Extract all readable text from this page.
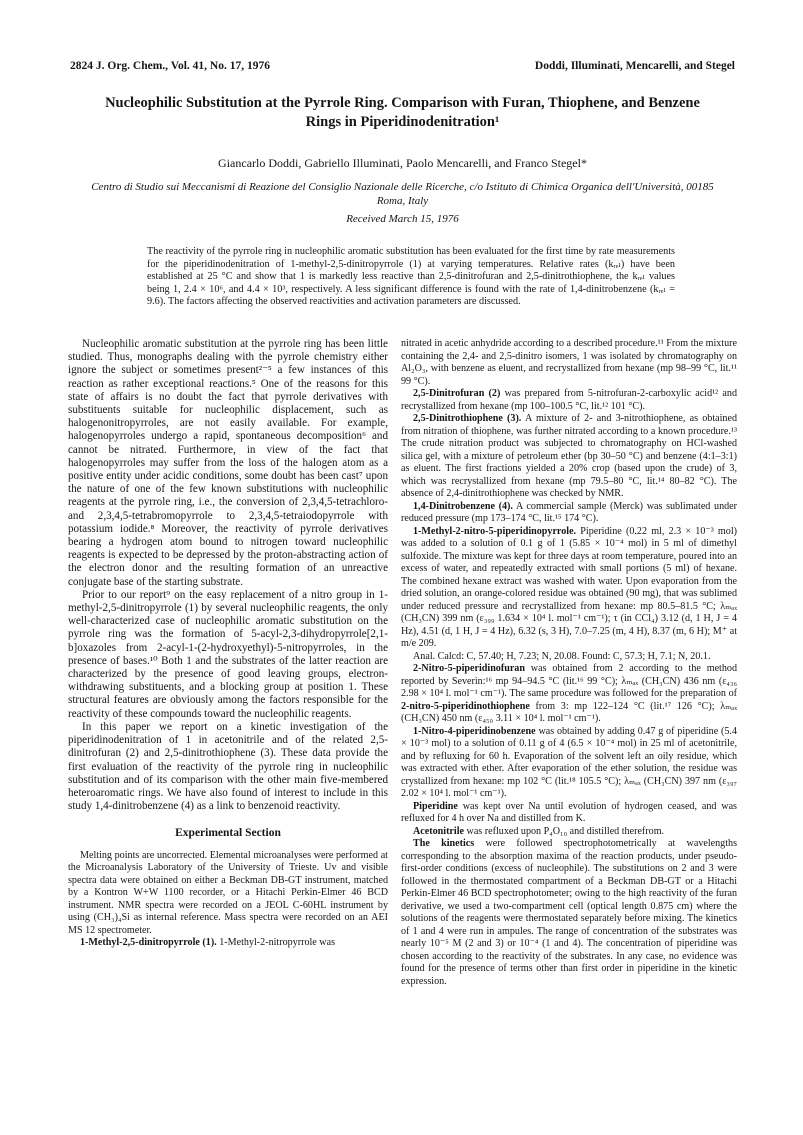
2824 J. Org. Chem., Vol. 41, No. 17, 1976	Doddi, Illuminati, Mencarelli, and Stegel
Nucleophilic Substitution at the Pyrrole Ring. Comparison with Furan, Thiophene, and Benzene Rings in Piperidinodenitration¹
Giancarlo Doddi, Gabriello Illuminati, Paolo Mencarelli, and Franco Stegel*
Centro di Studio sui Meccanismi di Reazione del Consiglio Nazionale delle Ricerche, c/o Istituto di Chimica Organica dell'Università, 00185 Roma, Italy
Received March 15, 1976

The reactivity of the pyrrole ring in nucleophilic aromatic substitution has been evaluated for the first time by rate measurements for the piperidinodenitration of 1-methyl-2,5-dinitropyrrole (1) at varying temperatures. Relative rates (kᵣₑₗ) have been established at 25 °C and show that 1 is markedly less reactive than 2,5-dinitrofuran and 2,5-dinitrothiophene, the kᵣₑₗ values being 1, 2.4 × 10⁶, and 4.4 × 10³, respectively. A less significant difference is found with the rate of 1,4-dinitrobenzene (kᵣₑₗ = 9.6). The factors affecting the observed reactivities and activation parameters are discussed.

Nucleophilic aromatic substitution at the pyrrole ring has been little studied. Thus, monographs dealing with the pyrrole chemistry either ignore the subject or sometimes present²⁻⁵ a few instances of this reaction as rather exceptional reactions.⁵ One of the reasons for this state of affairs is no doubt the fact that pyrrole derivatives with substituents suitable for nucleophilic displacement, such as halogenonitropyrroles, are not easily available. For example, halogenopyrroles undergo a rapid, spontaneous decomposition⁶ and cannot be nitrated. Furthermore, in view of the fact that halogenopyrroles may suffer from the loss of the halogen atom as a positive entity under acidic conditions, some doubt has been cast⁷ upon the nature of one of the few known substitutions with nucleophilic reagents at the pyrrole ring, i.e., the conversion of 2,3,4,5-tetrachloro- and 2,3,4,5-tetrabromopyrrole to 2,3,4,5-tetraiodopyrrole with potassium iodide.⁸ Moreover, the reactivity of pyrrole derivatives bearing a hydrogen atom bound to nitrogen toward nucleophilic reagents is expected to be depressed by the proton-abstracting action of the electron donor and the resulting formation of an unreactive conjugate base of the starting substrate.

Prior to our report⁹ on the easy replacement of a nitro group in 1-methyl-2,5-dinitropyrrole (1) by several nucleophilic reagents, the only well-characterized case of nucleophilic aromatic substitution on the pyrrole ring was the formation of 5-acyl-2,3-dihydropyrrole[2,1-b]oxazoles from 2-acyl-1-(2-hydroxyethyl)-5-nitropyrroles, in the presence of bases.¹⁰ Both 1 and the substrates of the latter reaction are characterized by the presence of good leaving groups, electron-withdrawing substituents, and a blocking group at position 1. These structural features are obviously among the factors responsible for the reactivity of these compounds toward the nucleophilic reagents.

In this paper we report on a kinetic investigation of the piperidinodenitration of 1 in acetonitrile and of the related 2,5-dinitrofuran (2) and 2,5-dinitrothiophene (3). These data provide the first evaluation of the reactivity of the pyrrole ring in nucleophilic substitution and of its comparison with the other main five-membered heteroaromatic rings. We have also found of interest to include in this study 1,4-dinitrobenzene (4) as a link to benzenoid reactivity.

Experimental Section

Melting points are uncorrected. Elemental microanalyses were performed at the Microanalysis Laboratory of the University of Trieste. Uv and visible spectra data were obtained on either a Beckman DB-GT instrument, matched by a Kontron W+W 1100 recorder, or a Hitachi Perkin-Elmer 46 BCD instrument. NMR spectra were recorded on a JEOL C-60HL instrument by using (CH₃)₄Si as internal reference. Mass spectra were recorded on an AEI MS 12 spectrometer.

1-Methyl-2,5-dinitropyrrole (1). 1-Methyl-2-nitropyrrole was

nitrated in acetic anhydride according to a described procedure.¹¹ From the mixture containing the 2,4- and 2,5-dinitro isomers, 1 was isolated by chromatography on Al₂O₃, with benzene as eluent, and recrystallized from hexane (mp 98–99 °C, lit.¹¹ 99 °C).

2,5-Dinitrofuran (2) was prepared from 5-nitrofuran-2-carboxylic acid¹² and recrystallized from hexane (mp 100–100.5 °C, lit.¹² 101 °C).

2,5-Dinitrothiophene (3). A mixture of 2- and 3-nitrothiophene, as obtained from nitration of thiophene, was further nitrated according to a known procedure.¹³ The crude nitration product was subjected to chromatography on HCl-washed silica gel, with a mixture of petroleum ether (bp 30–50 °C) and benzene (4:1–3:1) as eluent. The first fractions yielded a 20% crop (based upon the crude) of 3, which was recrystallized from hexane (mp 79.5–80 °C, lit.¹⁴ 80–82 °C). The absence of 2,4-dinitrothiophene was checked by NMR.

1,4-Dinitrobenzene (4). A commercial sample (Merck) was sublimated under reduced pressure (mp 173–174 °C, lit.¹⁵ 174 °C).

1-Methyl-2-nitro-5-piperidinopyrrole. Piperidine (0.22 ml, 2.3 × 10⁻³ mol) was added to a solution of 0.1 g of 1 (5.85 × 10⁻⁴ mol) in 5 ml of dimethyl sulfoxide. The mixture was kept for three days at room temperature, poured into an excess of water, and repeatedly extracted with small portions (5 ml) of hexane. The combined hexane extract was washed with water. Upon evaporation from the dried solution, an orange-colored residue was obtained (90 mg), that was sublimed under reduced pressure and recrystallized from hexane: mp 80.5–81.5 °C; λₘₐₓ (CH₃CN) 399 nm (ε₃₉₉ 1.634 × 10⁴ l. mol⁻¹ cm⁻¹); τ (in CCl₄) 3.12 (d, 1 H, J = 4 Hz), 4.51 (d, 1 H, J = 4 Hz), 6.32 (s, 3 H), 7.0–7.25 (m, 4 H), 8.37 (m, 6 H); M⁺ at m/e 209.

Anal. Calcd: C, 57.40; H, 7.23; N, 20.08. Found: C, 57.3; H, 7.1; N, 20.1.

2-Nitro-5-piperidinofuran was obtained from 2 according to the method reported by Severin:¹⁶ mp 94–94.5 °C (lit.¹⁶ 99 °C); λₘₐₓ (CH₃CN) 436 nm (ε₄₃₆ 2.98 × 10⁴ l. mol⁻¹ cm⁻¹). The same procedure was followed for the preparation of 2-nitro-5-piperidinothiophene from 3: mp 122–124 °C (lit.¹⁷ 126 °C); λₘₐₓ (CH₃CN) 450 nm (ε₄₅₀ 3.11 × 10⁴ l. mol⁻¹ cm⁻¹).

1-Nitro-4-piperidinobenzene was obtained by adding 0.47 g of piperidine (5.4 × 10⁻³ mol) to a solution of 0.11 g of 4 (6.5 × 10⁻⁴ mol) in 25 ml of acetonitrile, and by refluxing for 60 h. Evaporation of the solvent left an oily residue, which was extracted with ether. After evaporation of the ether solution, the residue was crystallized from hexane: mp 102 °C (lit.¹⁸ 105.5 °C); λₘₐₓ (CH₃CN) 397 nm (ε₃₉₇ 2.02 × 10⁴ l. mol⁻¹ cm⁻¹).

Piperidine was kept over Na until evolution of hydrogen ceased, and was refluxed for 4 h over Na and distilled from K.

Acetonitrile was refluxed upon P₄O₁₀ and distilled therefrom.

The kinetics were followed spectrophotometrically at wavelengths corresponding to the absorption maxima of the reaction products, under pseudo-first-order conditions (excess of nucleophile). The substitutions on 2 and 3 were followed in the thermostated compartment of a Beckman DB-GT or a Hitachi Perkin-Elmer 46 BCD spectrophotometer; owing to the high reactivity of the furan derivative, we used a two-compartment cell (optical length 0.875 cm) where the solutions of the reagents were thermostated separately before mixing. The kinetics of 1 and 4 were run in ampules. The range of concentration of the substrates was nearly 10⁻⁵ M (2 and 3) or 10⁻⁴ (1 and 4). The concentration of piperidine was chosen according to the reactivity of the substrates. In any case, no evidence was found for the presence of terms other than first order in piperidine in the kinetic expression.
